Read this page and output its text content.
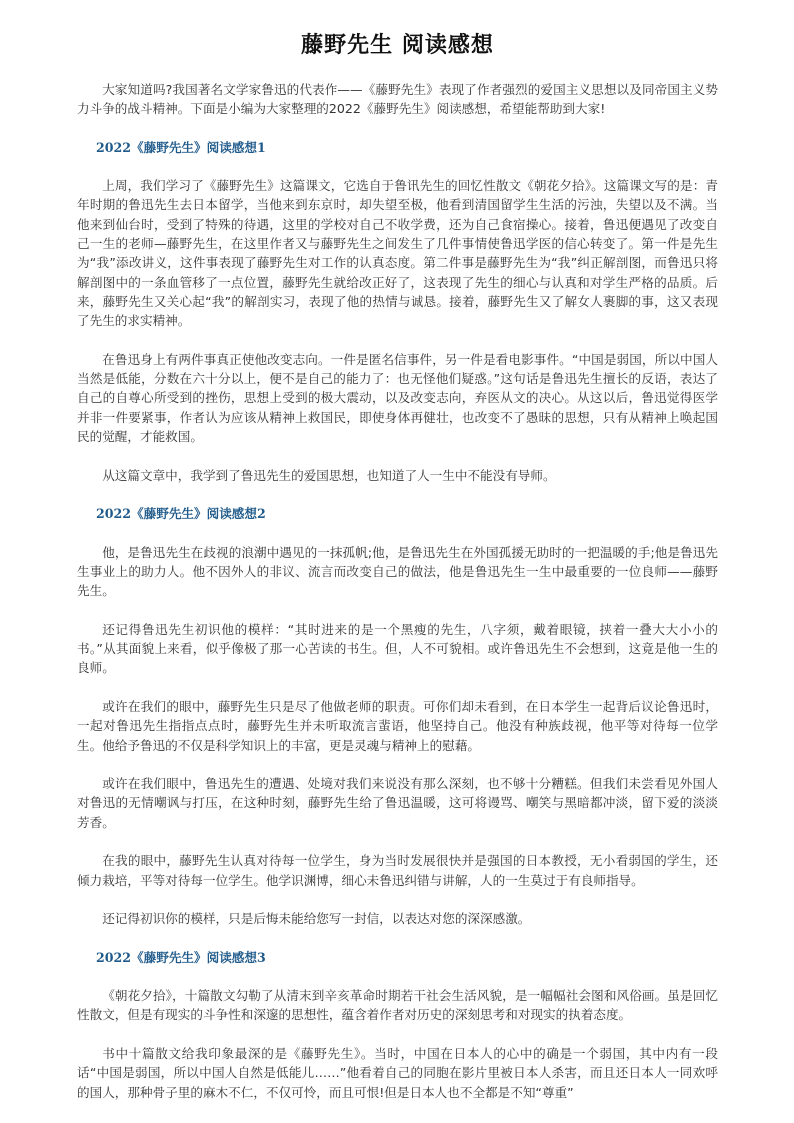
藤野先生 阅读感想

大家知道吗?我国著名文学家鲁迅的代表作——《藤野先生》表现了作者强烈的爱国主义思想以及同帝国主义势力斗争的战斗精神。下面是小编为大家整理的2022《藤野先生》阅读感想，希望能帮助到大家!

2022《藤野先生》阅读感想1

上周，我们学习了《藤野先生》这篇课文，它选自于鲁讯先生的回忆性散文《朝花夕拾》。这篇课文写的是：青年时期的鲁迅先生去日本留学，当他来到东京时，却失望至极，他看到清国留学生生活的污浊，失望以及不满。当他来到仙台时，受到了特殊的待遇，这里的学校对自己不收学费，还为自己食宿操心。接着，鲁迅便遇见了改变自己一生的老师—藤野先生，在这里作者又与藤野先生之间发生了几件事情使鲁迅学医的信心转变了。第一件是先生为“我”添改讲义，这件事表现了藤野先生对工作的认真态度。第二件事是藤野先生为“我”纠正解剖图，而鲁迅只将解剖图中的一条血管移了一点位置，藤野先生就给改正好了，这表现了先生的细心与认真和对学生严格的品质。后来，藤野先生又关心起“我”的解剖实习，表现了他的热情与诚恳。接着，藤野先生又了解女人裹脚的事，这又表现了先生的求实精神。

在鲁迅身上有两件事真正使他改变志向。一件是匿名信事件，另一件是看电影事件。“中国是弱国，所以中国人当然是低能，分数在六十分以上，便不是自己的能力了：也无怪他们疑惑。”这句话是鲁迅先生擅长的反语，表达了自己的自尊心所受到的挫伤，思想上受到的极大震动，以及改变志向，弃医从文的决心。从这以后，鲁迅觉得医学并非一件要紧事，作者认为应该从精神上救国民，即使身体再健壮，也改变不了愚昧的思想，只有从精神上唤起国民的觉醒，才能救国。

从这篇文章中，我学到了鲁迅先生的爱国思想，也知道了人一生中不能没有导师。

2022《藤野先生》阅读感想2

他，是鲁迅先生在歧视的浪潮中遇见的一抹孤帆;他，是鲁迅先生在外国孤援无助时的一把温暖的手;他是鲁迅先生事业上的助力人。他不因外人的非议、流言而改变自己的做法，他是鲁迅先生一生中最重要的一位良师——藤野先生。

还记得鲁迅先生初识他的模样：“其时进来的是一个黑瘦的先生，八字须，戴着眼镜，挟着一叠大大小小的书。”从其面貌上来看，似乎像极了那一心苦读的书生。但，人不可貌相。或许鲁迅先生不会想到，这竟是他一生的良师。

或许在我们的眼中，藤野先生只是尽了他做老师的职责。可你们却未看到，在日本学生一起背后议论鲁迅时，一起对鲁迅先生指指点点时，藤野先生并未听取流言蜚语，他坚持自己。他没有种族歧视，他平等对待每一位学生。他给予鲁迅的不仅是科学知识上的丰富，更是灵魂与精神上的慰藉。

或许在我们眼中，鲁迅先生的遭遇、处境对我们来说没有那么深刻，也不够十分糟糕。但我们未尝看见外国人对鲁迅的无情嘲讽与打压，在这种时刻，藤野先生给了鲁迅温暖，这可将谩骂、嘲笑与黑暗都冲淡，留下爱的淡淡芳香。

在我的眼中，藤野先生认真对待每一位学生，身为当时发展很快并是强国的日本教授，无小看弱国的学生，还倾力栽培，平等对待每一位学生。他学识渊博，细心未鲁迅纠错与讲解，人的一生莫过于有良师指导。

还记得初识你的模样，只是后悔未能给您写一封信，以表达对您的深深感激。

2022《藤野先生》阅读感想3

《朝花夕拾》，十篇散文勾勒了从清末到辛亥革命时期若干社会生活风貌，是一幅幅社会图和风俗画。虽是回忆性散文，但是有现实的斗争性和深邃的思想性，蕴含着作者对历史的深刻思考和对现实的执着态度。

书中十篇散文给我印象最深的是《藤野先生》。当时，中国在日本人的心中的确是一个弱国，其中内有一段话“中国是弱国，所以中国人自然是低能儿……”他看着自己的同胞在影片里被日本人杀害，而且还日本人一同欢呼的国人，那种骨子里的麻木不仁，不仅可怜，而且可恨!但是日本人也不全都是不知“尊重”
